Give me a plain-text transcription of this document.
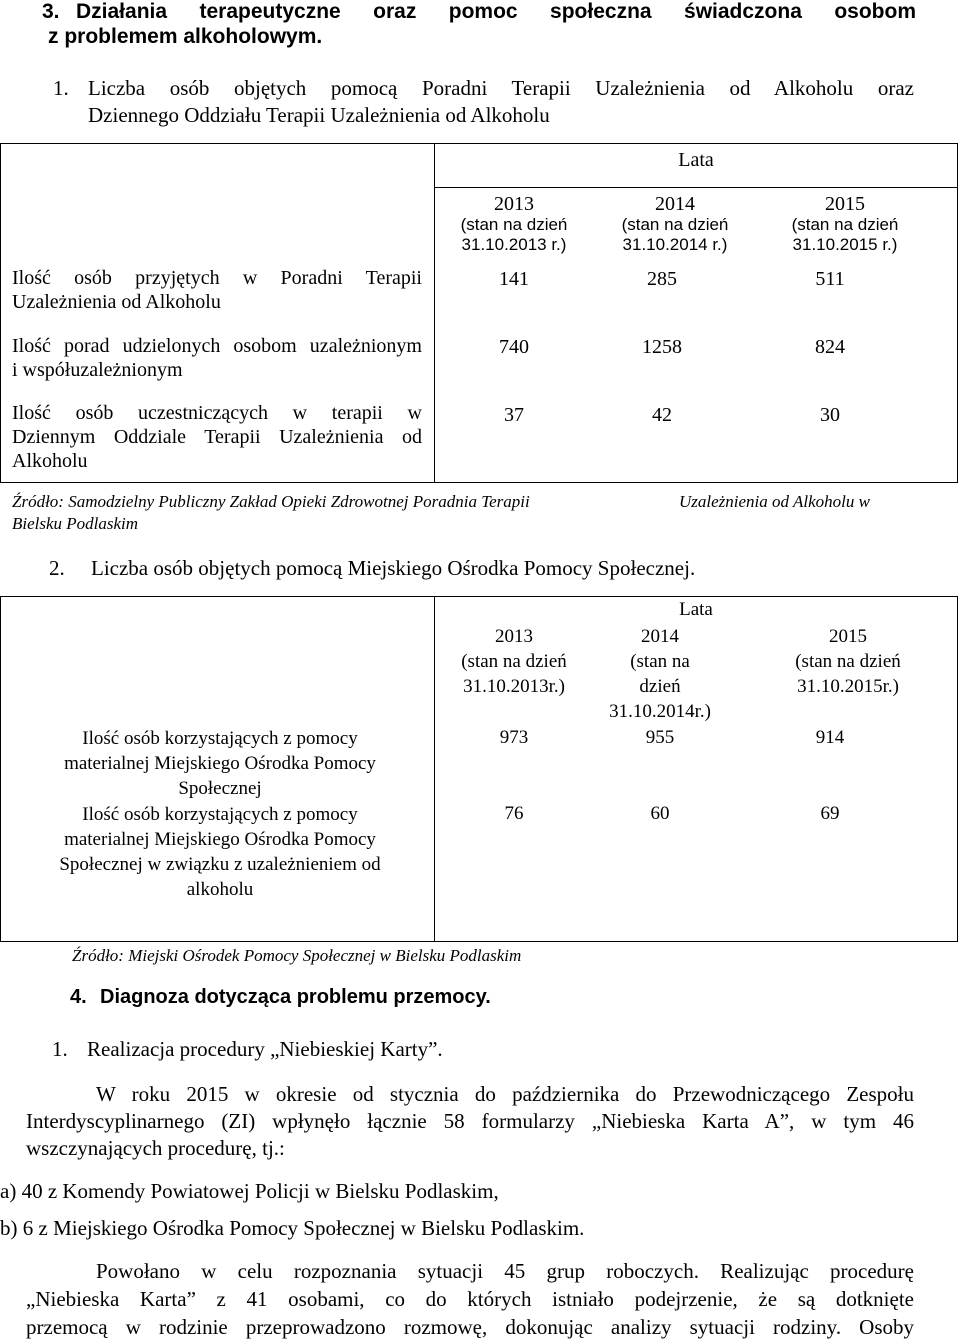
3. Działania terapeutyczne oraz pomoc społeczna świadczona osobom
z problemem alkoholowym.
1. Liczba osób objętych pomocą Poradni Terapii Uzależnienia od Alkoholu oraz
Dziennego Oddziału Terapii Uzależnienia od Alkoholu
Lata
2013
(stan na dzień
31.10.2013 r.)
2014
(stan na dzień
31.10.2014 r.)
2015
(stan na dzień
31.10.2015 r.)
Ilość osób przyjętych w Poradni Terapii
Uzależnienia od Alkoholu
141	285	511
Ilość porad udzielonych osobom uzależnionym
i współuzależnionym
740	1258	824
Ilość osób uczestniczących w terapii w
Dziennym Oddziale Terapii Uzależnienia od
Alkoholu
37	42	30
Źródło: Samodzielny Publiczny Zakład Opieki Zdrowotnej Poradnia Terapii	Uzależnienia od Alkoholu w
Bielsku Podlaskim
2. Liczba osób objętych pomocą Miejskiego Ośrodka Pomocy Społecznej.
Lata
2013
(stan na dzień
31.10.2013r.)
2014
(stan na
dzień
31.10.2014r.)
2015
(stan na dzień
31.10.2015r.)
Ilość osób korzystających z pomocy
materialnej Miejskiego Ośrodka Pomocy
Społecznej
973	955	914
Ilość osób korzystających z pomocy
materialnej Miejskiego Ośrodka Pomocy
Społecznej w związku z uzależnieniem od
alkoholu
76	60	69
Źródło: Miejski Ośrodek Pomocy Społecznej w Bielsku Podlaskim
4. Diagnoza dotycząca problemu przemocy.
1. Realizacja procedury „Niebieskiej Karty”.
W roku 2015 w okresie od stycznia do października do Przewodniczącego Zespołu
Interdyscyplinarnego (ZI) wpłynęło łącznie 58 formularzy „Niebieska Karta A”, w tym 46
wszczynających procedurę, tj.:
a) 40 z Komendy Powiatowej Policji w Bielsku Podlaskim,
b) 6 z Miejskiego Ośrodka Pomocy Społecznej w Bielsku Podlaskim.
Powołano w celu rozpoznania sytuacji 45 grup roboczych. Realizując procedurę
„Niebieska Karta” z 41 osobami, co do których istniało podejrzenie, że są dotknięte
przemocą w rodzinie przeprowadzono rozmowę, dokonując analizy sytuacji rodziny. Osoby
